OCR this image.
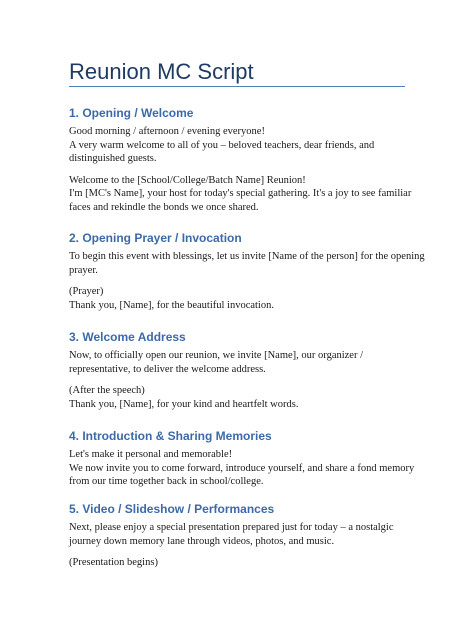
Reunion MC Script
1. Opening / Welcome

Good morning / afternoon / evening everyone!
A very warm welcome to all of you – beloved teachers, dear friends, and
distinguished guests.

Welcome to the [School/College/Batch Name] Reunion!
I'm [MC's Name], your host for today's special gathering. It's a joy to see familiar
faces and rekindle the bonds we once shared.

2. Opening Prayer / Invocation

To begin this event with blessings, let us invite [Name of the person] for the opening
prayer.

(Prayer)
Thank you, [Name], for the beautiful invocation.

3. Welcome Address

Now, to officially open our reunion, we invite [Name], our organizer /
representative, to deliver the welcome address.

(After the speech)
Thank you, [Name], for your kind and heartfelt words.

4. Introduction & Sharing Memories

Let's make it personal and memorable!
We now invite you to come forward, introduce yourself, and share a fond memory
from our time together back in school/college.

5. Video / Slideshow / Performances

Next, please enjoy a special presentation prepared just for today – a nostalgic
journey down memory lane through videos, photos, and music.

(Presentation begins)
